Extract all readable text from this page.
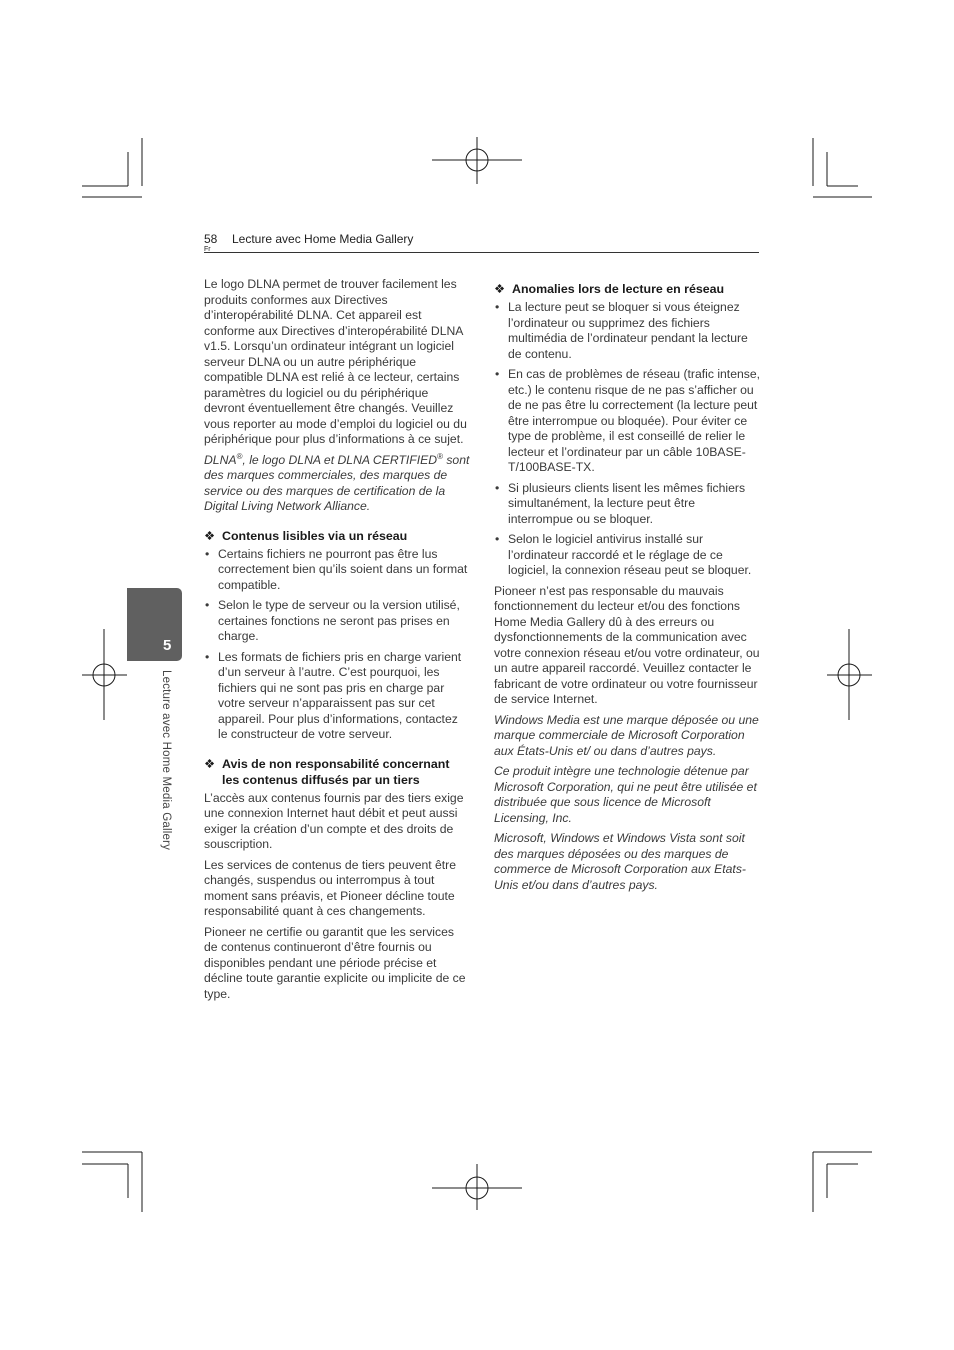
58
Fr
Lecture avec Home Media Gallery
5
Lecture avec Home Media Gallery

Le logo DLNA permet de trouver facilement les produits conformes aux Directives d’interopérabilité DLNA. Cet appareil est conforme aux Directives d’interopérabilité DLNA v1.5. Lorsqu’un ordinateur intégrant un logiciel serveur DLNA ou un autre périphérique compatible DLNA est relié à ce lecteur, certains paramètres du logiciel ou du périphérique devront éventuellement être changés. Veuillez vous reporter au mode d’emploi du logiciel ou du périphérique pour plus d’informations à ce sujet.

DLNA®, le logo DLNA et DLNA CERTIFIED® sont des marques commerciales, des marques de service ou des marques de certification de la Digital Living Network Alliance.

❖ Contenus lisibles via un réseau
• Certains fichiers ne pourront pas être lus correctement bien qu’ils soient dans un format compatible.
• Selon le type de serveur ou la version utilisé, certaines fonctions ne seront pas prises en charge.
• Les formats de fichiers pris en charge varient d’un serveur à l’autre. C’est pourquoi, les fichiers qui ne sont pas pris en charge par votre serveur n’apparaissent pas sur cet appareil. Pour plus d’informations, contactez le constructeur de votre serveur.
❖ Avis de non responsabilité concernant les contenus diffusés par un tiers

L’accès aux contenus fournis par des tiers exige une connexion Internet haut débit et peut aussi exiger la création d’un compte et des droits de souscription.

Les services de contenus de tiers peuvent être changés, suspendus ou interrompus à tout moment sans préavis, et Pioneer décline toute responsabilité quant à ces changements.

Pioneer ne certifie ou garantit que les services de contenus continueront d’être fournis ou disponibles pendant une période précise et décline toute garantie explicite ou implicite de ce type.

❖ Anomalies lors de lecture en réseau
• La lecture peut se bloquer si vous éteignez l’ordinateur ou supprimez des fichiers multimédia de l’ordinateur pendant la lecture de contenu.
• En cas de problèmes de réseau (trafic intense, etc.) le contenu risque de ne pas s’afficher ou de ne pas être lu correctement (la lecture peut être interrompue ou bloquée). Pour éviter ce type de problème, il est conseillé de relier le lecteur et l’ordinateur par un câble 10BASE-T/100BASE-TX.
• Si plusieurs clients lisent les mêmes fichiers simultanément, la lecture peut être interrompue ou se bloquer.
• Selon le logiciel antivirus installé sur l’ordinateur raccordé et le réglage de ce logiciel, la connexion réseau peut se bloquer.

Pioneer n’est pas responsable du mauvais fonctionnement du lecteur et/ou des fonctions Home Media Gallery dû à des erreurs ou dysfonctionnements de la communication avec votre connexion réseau et/ou votre ordinateur, ou un autre appareil raccordé. Veuillez contacter le fabricant de votre ordinateur ou votre fournisseur de service Internet.

Windows Media est une marque déposée ou une marque commerciale de Microsoft Corporation aux États-Unis et/ ou dans d’autres pays.

Ce produit intègre une technologie détenue par Microsoft Corporation, qui ne peut être utilisée et distribuée que sous licence de Microsoft Licensing, Inc.

Microsoft, Windows et Windows Vista sont soit des marques déposées ou des marques de commerce de Microsoft Corporation aux Etats-Unis et/ou dans d’autres pays.
